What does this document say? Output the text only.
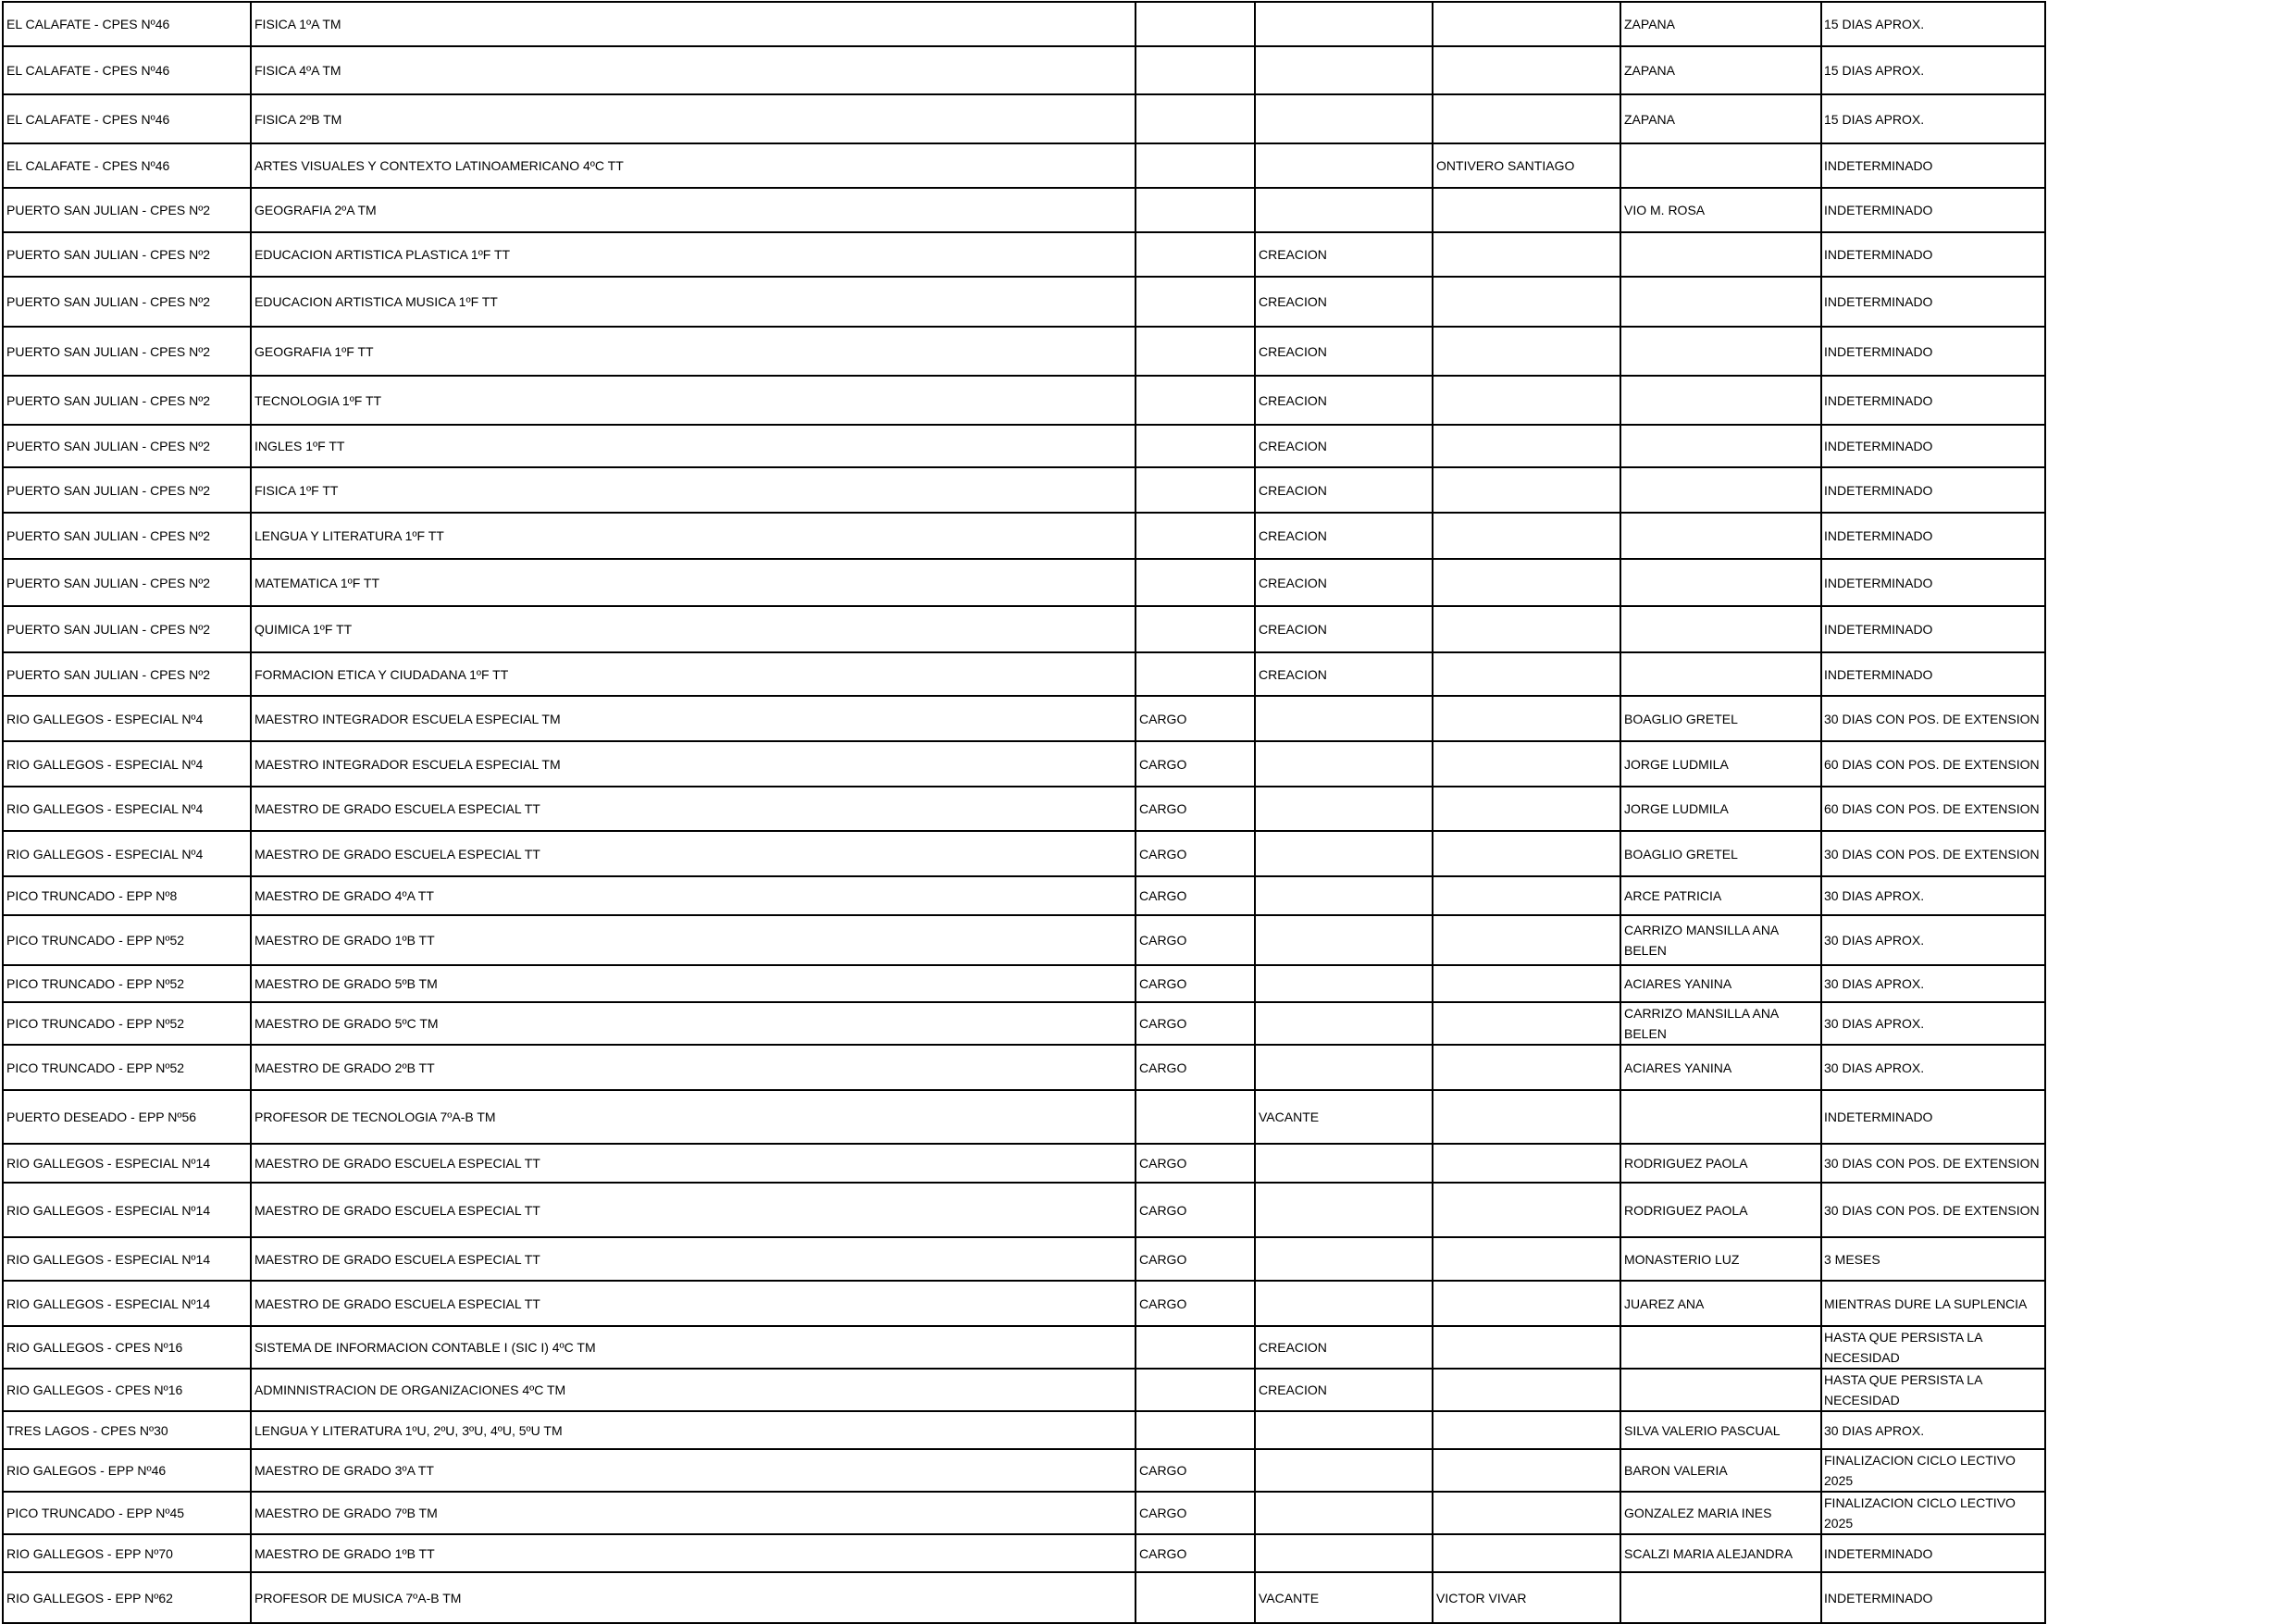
EL CALAFATE - CPES Nº46	FISICA 1ºA TM				ZAPANA	15 DIAS APROX.
EL CALAFATE - CPES Nº46	FISICA 4ºA TM				ZAPANA	15 DIAS APROX.
EL CALAFATE - CPES Nº46	FISICA 2ºB TM				ZAPANA	15 DIAS APROX.
EL CALAFATE - CPES Nº46	ARTES VISUALES Y CONTEXTO LATINOAMERICANO 4ºC TT			ONTIVERO SANTIAGO		INDETERMINADO
PUERTO SAN JULIAN - CPES Nº2	GEOGRAFIA 2ºA TM				VIO M. ROSA	INDETERMINADO
PUERTO SAN JULIAN - CPES Nº2	EDUCACION ARTISTICA PLASTICA 1ºF TT		CREACION			INDETERMINADO
PUERTO SAN JULIAN - CPES Nº2	EDUCACION ARTISTICA MUSICA 1ºF TT		CREACION			INDETERMINADO
PUERTO SAN JULIAN - CPES Nº2	GEOGRAFIA 1ºF TT		CREACION			INDETERMINADO
PUERTO SAN JULIAN - CPES Nº2	TECNOLOGIA 1ºF TT		CREACION			INDETERMINADO
PUERTO SAN JULIAN - CPES Nº2	INGLES 1ºF TT		CREACION			INDETERMINADO
PUERTO SAN JULIAN - CPES Nº2	FISICA 1ºF TT		CREACION			INDETERMINADO
PUERTO SAN JULIAN - CPES Nº2	LENGUA Y LITERATURA 1ºF TT		CREACION			INDETERMINADO
PUERTO SAN JULIAN - CPES Nº2	MATEMATICA 1ºF TT		CREACION			INDETERMINADO
PUERTO SAN JULIAN - CPES Nº2	QUIMICA 1ºF TT		CREACION			INDETERMINADO
PUERTO SAN JULIAN - CPES Nº2	FORMACION ETICA Y CIUDADANA 1ºF TT		CREACION			INDETERMINADO
RIO GALLEGOS - ESPECIAL Nº4	MAESTRO INTEGRADOR ESCUELA ESPECIAL TM	CARGO			BOAGLIO GRETEL	30 DIAS CON POS. DE EXTENSION
RIO GALLEGOS - ESPECIAL Nº4	MAESTRO INTEGRADOR ESCUELA ESPECIAL TM	CARGO			JORGE LUDMILA	60 DIAS CON POS. DE EXTENSION
RIO GALLEGOS - ESPECIAL Nº4	MAESTRO DE GRADO ESCUELA ESPECIAL TT	CARGO			JORGE LUDMILA	60 DIAS CON POS. DE EXTENSION
RIO GALLEGOS - ESPECIAL Nº4	MAESTRO DE GRADO ESCUELA ESPECIAL TT	CARGO			BOAGLIO GRETEL	30 DIAS CON POS. DE EXTENSION
PICO TRUNCADO - EPP Nº8	MAESTRO DE GRADO 4ºA TT	CARGO			ARCE PATRICIA	30 DIAS APROX.
PICO TRUNCADO - EPP Nº52	MAESTRO DE GRADO 1ºB TT	CARGO			CARRIZO MANSILLA ANA BELEN	30 DIAS APROX.
PICO TRUNCADO - EPP Nº52	MAESTRO DE GRADO 5ºB TM	CARGO			ACIARES YANINA	30 DIAS APROX.
PICO TRUNCADO - EPP Nº52	MAESTRO DE GRADO 5ºC TM	CARGO			CARRIZO MANSILLA ANA BELEN	30 DIAS APROX.
PICO TRUNCADO - EPP Nº52	MAESTRO DE GRADO 2ºB TT	CARGO			ACIARES YANINA	30 DIAS APROX.
PUERTO DESEADO - EPP Nº56	PROFESOR DE TECNOLOGIA 7ºA-B TM		VACANTE			INDETERMINADO
RIO GALLEGOS - ESPECIAL Nº14	MAESTRO DE GRADO ESCUELA ESPECIAL TT	CARGO			RODRIGUEZ PAOLA	30 DIAS CON POS. DE EXTENSION
RIO GALLEGOS - ESPECIAL Nº14	MAESTRO DE GRADO ESCUELA ESPECIAL TT	CARGO			RODRIGUEZ PAOLA	30 DIAS CON POS. DE EXTENSION
RIO GALLEGOS - ESPECIAL Nº14	MAESTRO DE GRADO ESCUELA ESPECIAL TT	CARGO			MONASTERIO LUZ	3 MESES
RIO GALLEGOS - ESPECIAL Nº14	MAESTRO DE GRADO ESCUELA ESPECIAL TT	CARGO			JUAREZ ANA	MIENTRAS DURE LA SUPLENCIA
RIO GALLEGOS - CPES Nº16	SISTEMA DE INFORMACION CONTABLE I (SIC I) 4ºC TM		CREACION			HASTA QUE PERSISTA LA NECESIDAD
RIO GALLEGOS - CPES Nº16	ADMINNISTRACION DE ORGANIZACIONES 4ºC TM		CREACION			HASTA QUE PERSISTA LA NECESIDAD
TRES LAGOS - CPES Nº30	LENGUA Y LITERATURA 1ºU, 2ºU, 3ºU, 4ºU, 5ºU TM				SILVA VALERIO PASCUAL	30 DIAS APROX.
RIO GALEGOS - EPP Nº46	MAESTRO DE GRADO 3ºA TT	CARGO			BARON VALERIA	FINALIZACION CICLO LECTIVO 2025
PICO TRUNCADO - EPP Nº45	MAESTRO DE GRADO 7ºB TM	CARGO			GONZALEZ MARIA INES	FINALIZACION CICLO LECTIVO 2025
RIO GALLEGOS - EPP Nº70	MAESTRO DE GRADO 1ºB TT	CARGO			SCALZI MARIA ALEJANDRA	INDETERMINADO
RIO GALLEGOS - EPP Nº62	PROFESOR DE MUSICA 7ºA-B TM		VACANTE	VICTOR VIVAR		INDETERMINADO
